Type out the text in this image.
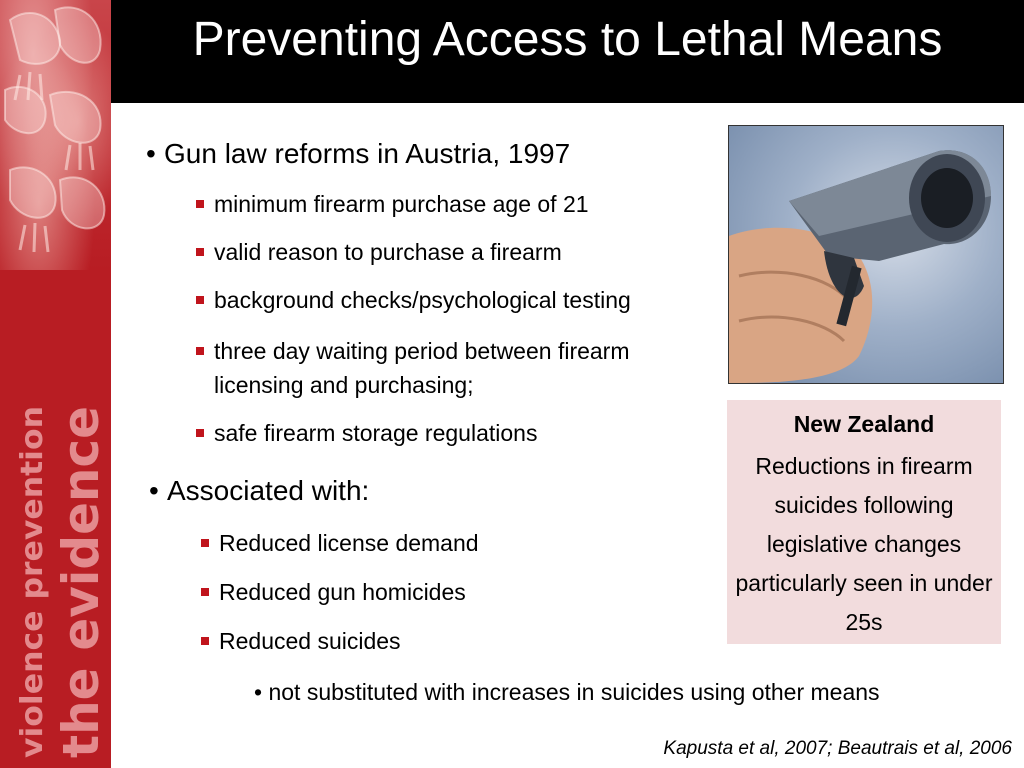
violence prevention the evidence
Preventing Access to Lethal Means
• Gun law reforms in Austria, 1997
minimum firearm purchase age of 21
valid reason to purchase a firearm
background checks/psychological testing
three day waiting period between firearm
licensing and purchasing;
safe firearm storage regulations
• Associated with:
Reduced license demand
Reduced gun homicides
Reduced suicides
• not substituted with increases in suicides using other means
New Zealand
Reductions in firearm suicides following legislative changes particularly seen in under 25s
Kapusta et al, 2007; Beautrais et al, 2006
